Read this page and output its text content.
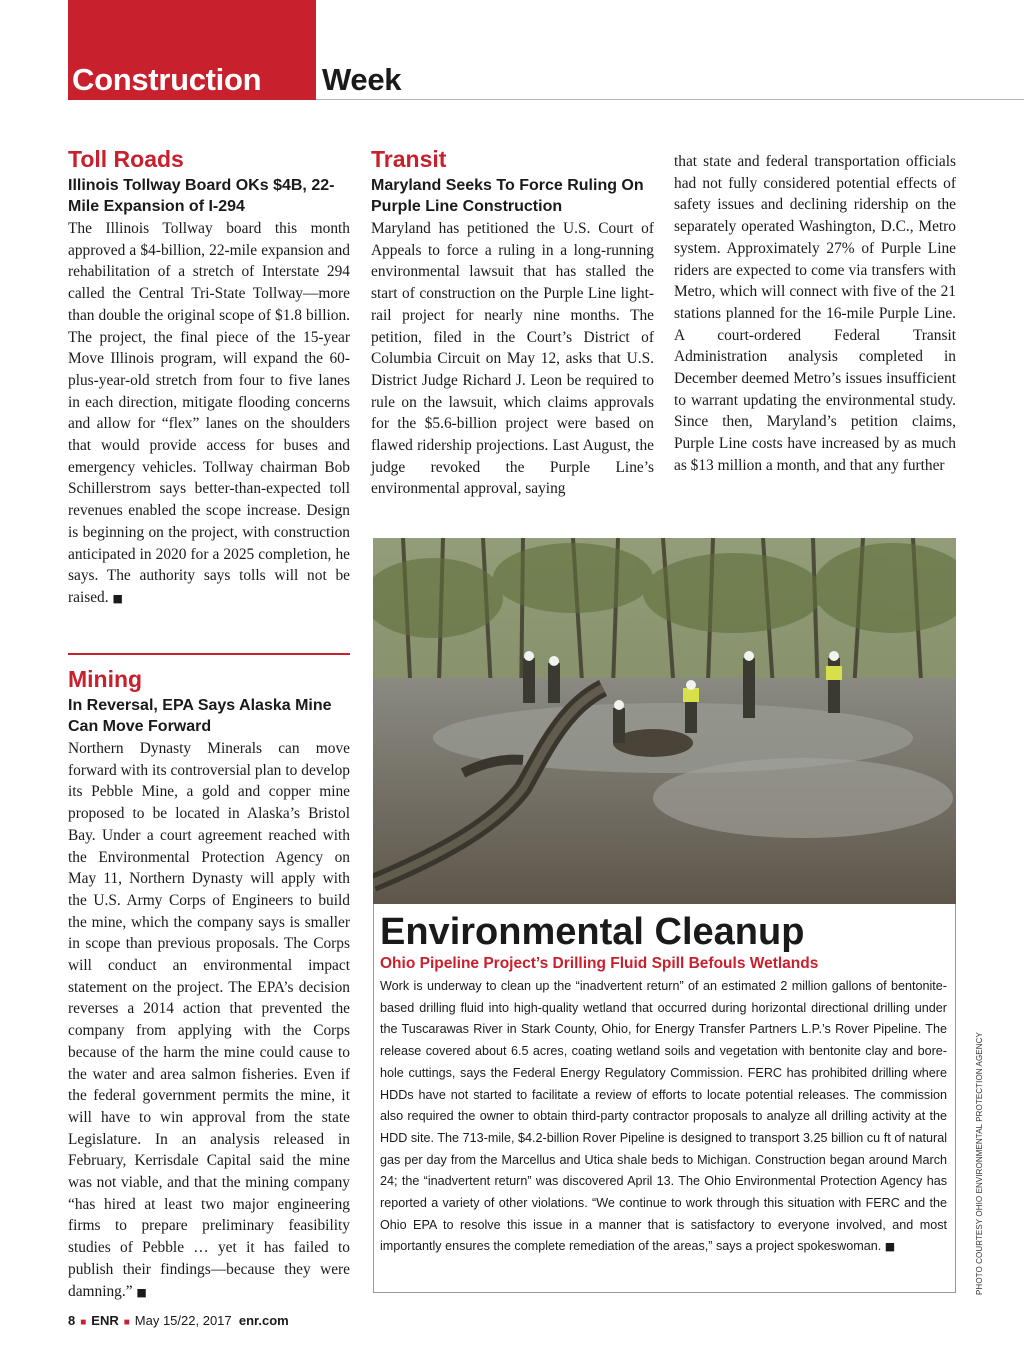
Construction Week
Toll Roads
Illinois Tollway Board OKs $4B, 22-Mile Expansion of I-294

The Illinois Tollway board this month approved a $4-billion, 22-mile expansion and rehabilitation of a stretch of Interstate 294 called the Central Tri-State Tollway—more than double the original scope of $1.8 billion. The project, the final piece of the 15-year Move Illinois program, will expand the 60-plus-year-old stretch from four to five lanes in each direction, mitigate flooding concerns and allow for “flex” lanes on the shoulders that would provide access for buses and emergency vehicles. Tollway chairman Bob Schillerstrom says better-than-expected toll revenues enabled the scope increase. Design is beginning on the project, with construction anticipated in 2020 for a 2025 completion, he says. The authority says tolls will not be raised. ■

Mining
In Reversal, EPA Says Alaska Mine Can Move Forward

Northern Dynasty Minerals can move forward with its controversial plan to develop its Pebble Mine, a gold and copper mine proposed to be located in Alaska’s Bristol Bay. Under a court agreement reached with the Environmental Protection Agency on May 11, Northern Dynasty will apply with the U.S. Army Corps of Engineers to build the mine, which the company says is smaller in scope than previous proposals. The Corps will conduct an environmental impact statement on the project. The EPA’s decision reverses a 2014 action that prevented the company from applying with the Corps because of the harm the mine could cause to the water and area salmon fisheries. Even if the federal government permits the mine, it will have to win approval from the state Legislature. In an analysis released in February, Kerrisdale Capital said the mine was not viable, and that the mining company “has hired at least two major engineering firms to prepare preliminary feasibility studies of Pebble … yet it has failed to publish their findings—because they were damning.” ■

Transit
Maryland Seeks To Force Ruling On Purple Line Construction

Maryland has petitioned the U.S. Court of Appeals to force a ruling in a long-running environmental lawsuit that has stalled the start of construction on the Purple Line light-rail project for nearly nine months. The petition, filed in the Court’s District of Columbia Circuit on May 12, asks that U.S. District Judge Richard J. Leon be required to rule on the lawsuit, which claims approvals for the $5.6-billion project were based on flawed ridership projections. Last August, the judge revoked the Purple Line’s environmental approval, saying

that state and federal transportation officials had not fully considered potential effects of safety issues and declining ridership on the separately operated Washington, D.C., Metro system. Approximately 27% of Purple Line riders are expected to come via transfers with Metro, which will connect with five of the 21 stations planned for the 16-mile Purple Line. A court-ordered Federal Transit Administration analysis completed in December deemed Metro’s issues insufficient to warrant updating the environmental study. Since then, Maryland’s petition claims, Purple Line costs have increased by as much as $13 million a month, and that any further

Environmental Cleanup
Ohio Pipeline Project’s Drilling Fluid Spill Befouls Wetlands

Work is underway to clean up the “inadvertent return” of an estimated 2 million gallons of bentonite-based drilling fluid into high-quality wetland that occurred during horizontal directional drilling under the Tuscarawas River in Stark County, Ohio, for Energy Transfer Partners L.P.’s Rover Pipeline. The release covered about 6.5 acres, coating wetland soils and vegetation with bentonite clay and bore-hole cuttings, says the Federal Energy Regulatory Commission. FERC has prohibited drilling where HDDs have not started to facilitate a review of efforts to locate potential releases. The commission also required the owner to obtain third-party contractor proposals to analyze all drilling activity at the HDD site. The 713-mile, $4.2-billion Rover Pipeline is designed to transport 3.25 billion cu ft of natural gas per day from the Marcellus and Utica shale beds to Michigan. Construction began around March 24; the “inadvertent return” was discovered April 13. The Ohio Environmental Protection Agency has reported a variety of other violations. “We continue to work through this situation with FERC and the Ohio EPA to resolve this issue in a manner that is satisfactory to everyone involved, and most importantly ensures the complete remediation of the areas,” says a project spokeswoman. ■	PHOTO COURTESY OHIO ENVIRONMENTAL PROTECTION AGENCY
8 ■ ENR ■ May 15/22, 2017 enr.com
